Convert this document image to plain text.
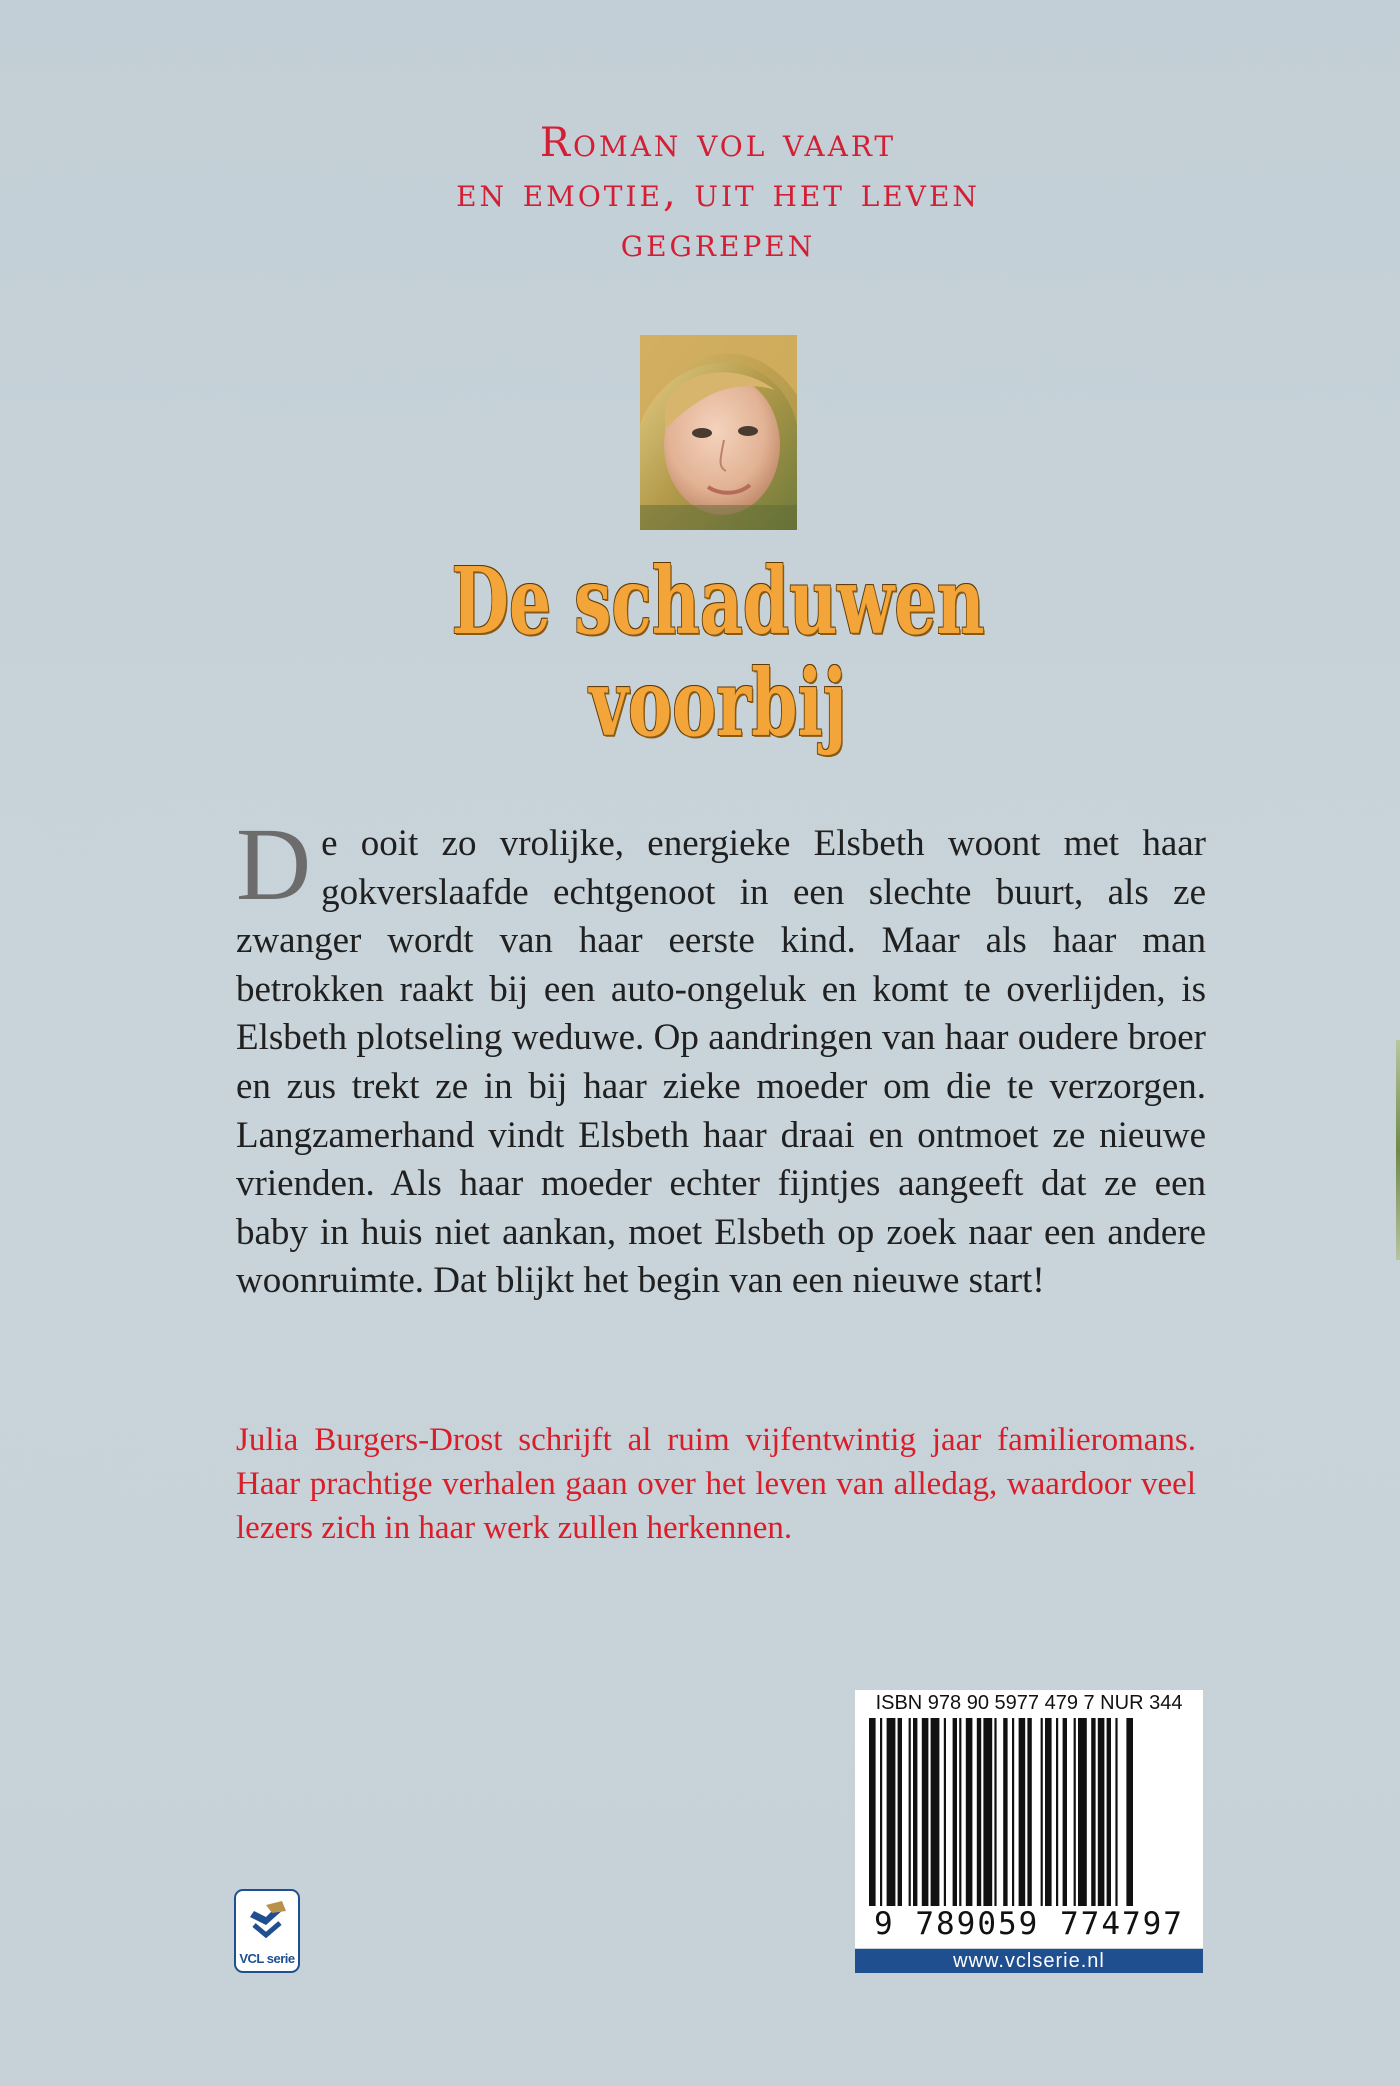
Roman vol vaart
en emotie, uit het leven
gegrepen
De schaduwen
voorbij

De ooit zo vrolijke, energieke Elsbeth woont met haar gokverslaafde echtgenoot in een slechte buurt, als ze zwanger wordt van haar eerste kind. Maar als haar man betrokken raakt bij een auto-ongeluk en komt te overlijden, is Elsbeth plotseling weduwe. Op aandringen van haar oudere broer en zus trekt ze in bij haar zieke moeder om die te verzorgen. Langzamerhand vindt Elsbeth haar draai en ontmoet ze nieuwe vrienden. Als haar moeder echter fijntjes aangeeft dat ze een baby in huis niet aankan, moet Elsbeth op zoek naar een andere woonruimte. Dat blijkt het begin van een nieuwe start!

Julia Burgers-Drost schrijft al ruim vijfentwintig jaar familieromans. Haar prachtige verhalen gaan over het leven van alledag, waardoor veel lezers zich in haar werk zullen herkennen.
VCL serie
ISBN 978 90 5977 479 7 NUR 344
9 789059 774797
www.vclserie.nl
